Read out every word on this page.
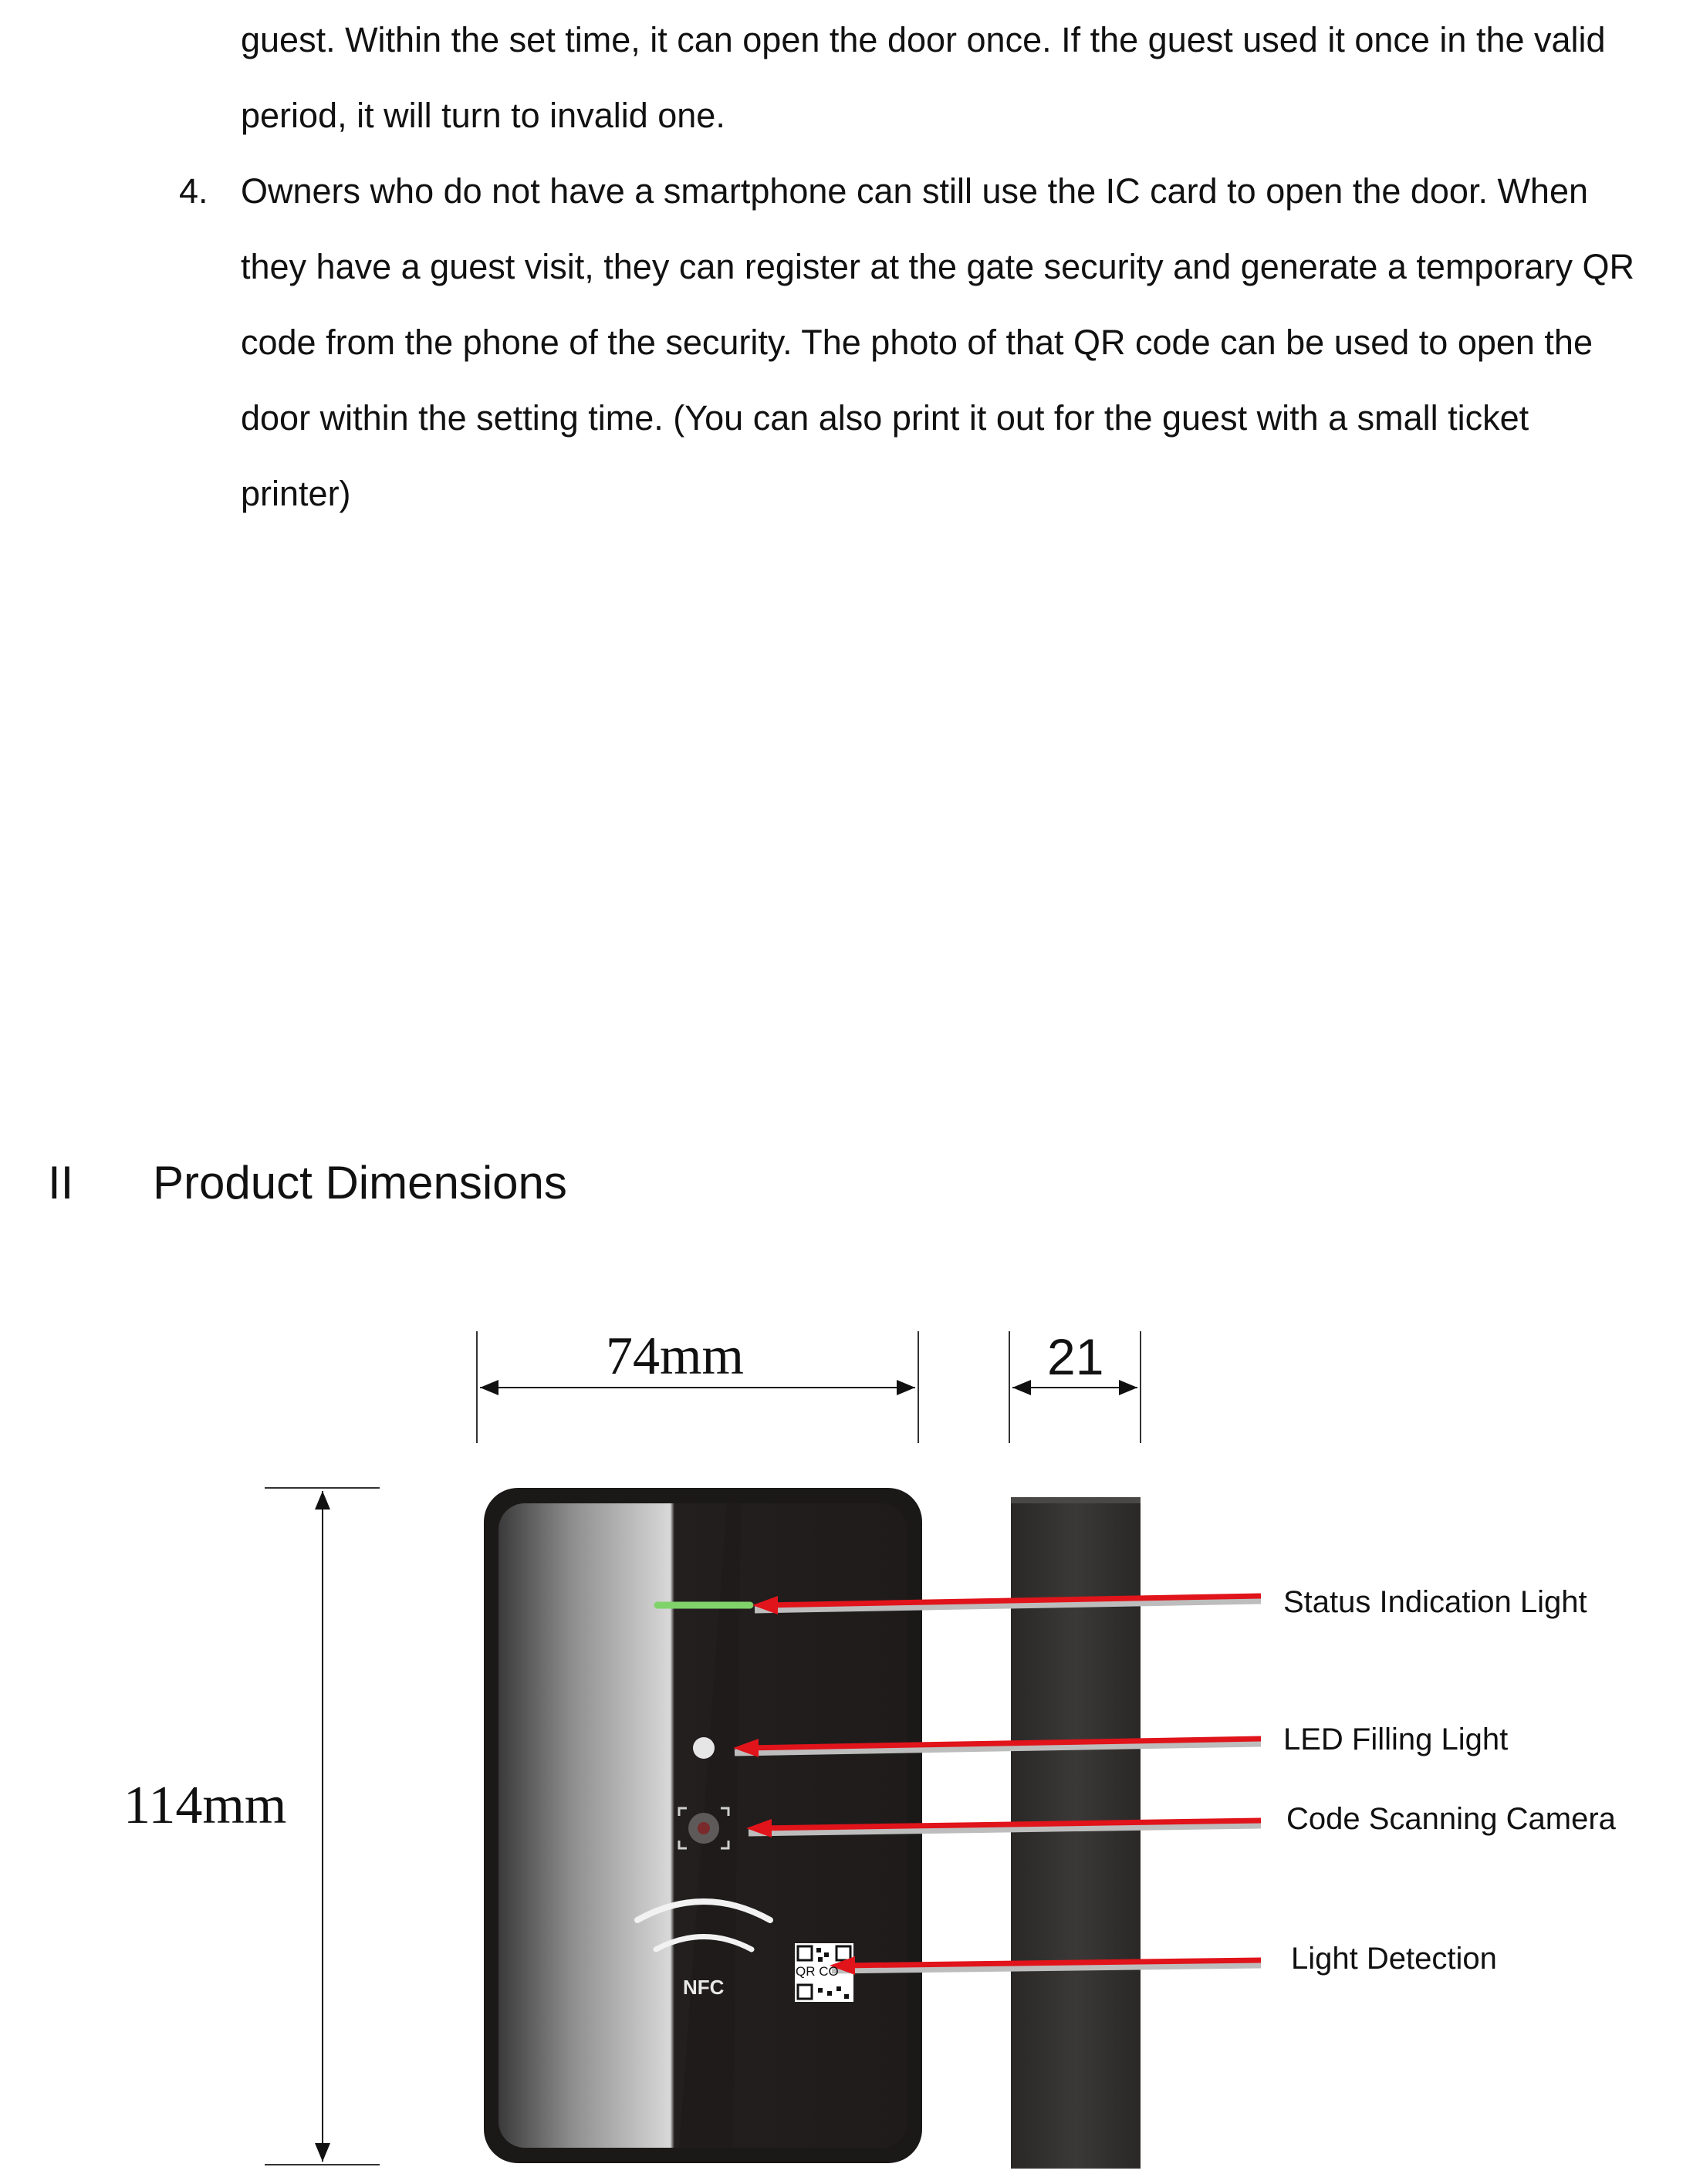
guest. Within the set time, it can open the door once. If the guest used it once in the valid

period, it will turn to invalid one.

4. Owners who do not have a smartphone can still use the IC card to open the door. When

they have a guest visit, they can register at the gate security and generate a temporary QR

code from the phone of the security. The photo of that QR code can be used to open the

door within the setting time. (You can also print it out for the guest with a small ticket

printer)

II Product Dimensions
NFC
QR CO
74mm	21
114mm
Status Indication Light
LED Filling Light
Code Scanning Camera
Light Detection
